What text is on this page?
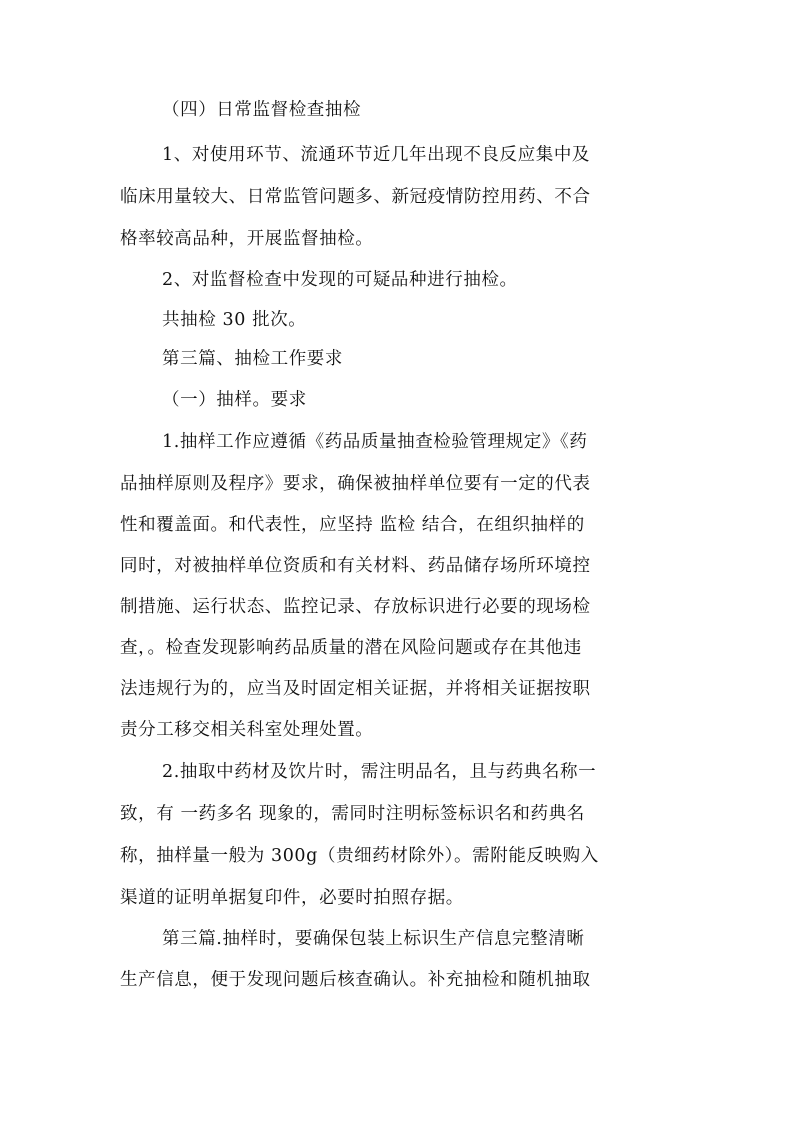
（四）日常监督检查抽检
1、对使用环节、流通环节近几年出现不良反应集中及
临床用量较大、日常监管问题多、新冠疫情防控用药、不合
格率较高品种，开展监督抽检。
2、对监督检查中发现的可疑品种进行抽检。
共抽检 30 批次。
第三篇、抽检工作要求
（一）抽样。要求
1.抽样工作应遵循《药品质量抽查检验管理规定》《药
品抽样原则及程序》要求，确保被抽样单位要有一定的代表
性和覆盖面。和代表性，应坚持 监检 结合，在组织抽样的
同时，对被抽样单位资质和有关材料、药品储存场所环境控
制措施、运行状态、监控记录、存放标识进行必要的现场检
查，。检查发现影响药品质量的潜在风险问题或存在其他违
法违规行为的，应当及时固定相关证据，并将相关证据按职
责分工移交相关科室处理处置。
2.抽取中药材及饮片时，需注明品名，且与药典名称一
致，有 一药多名 现象的，需同时注明标签标识名和药典名
称，抽样量一般为 300g（贵细药材除外）。需附能反映购入
渠道的证明单据复印件，必要时拍照存据。
第三篇.抽样时，要确保包装上标识生产信息完整清晰
生产信息，便于发现问题后核查确认。补充抽检和随机抽取
